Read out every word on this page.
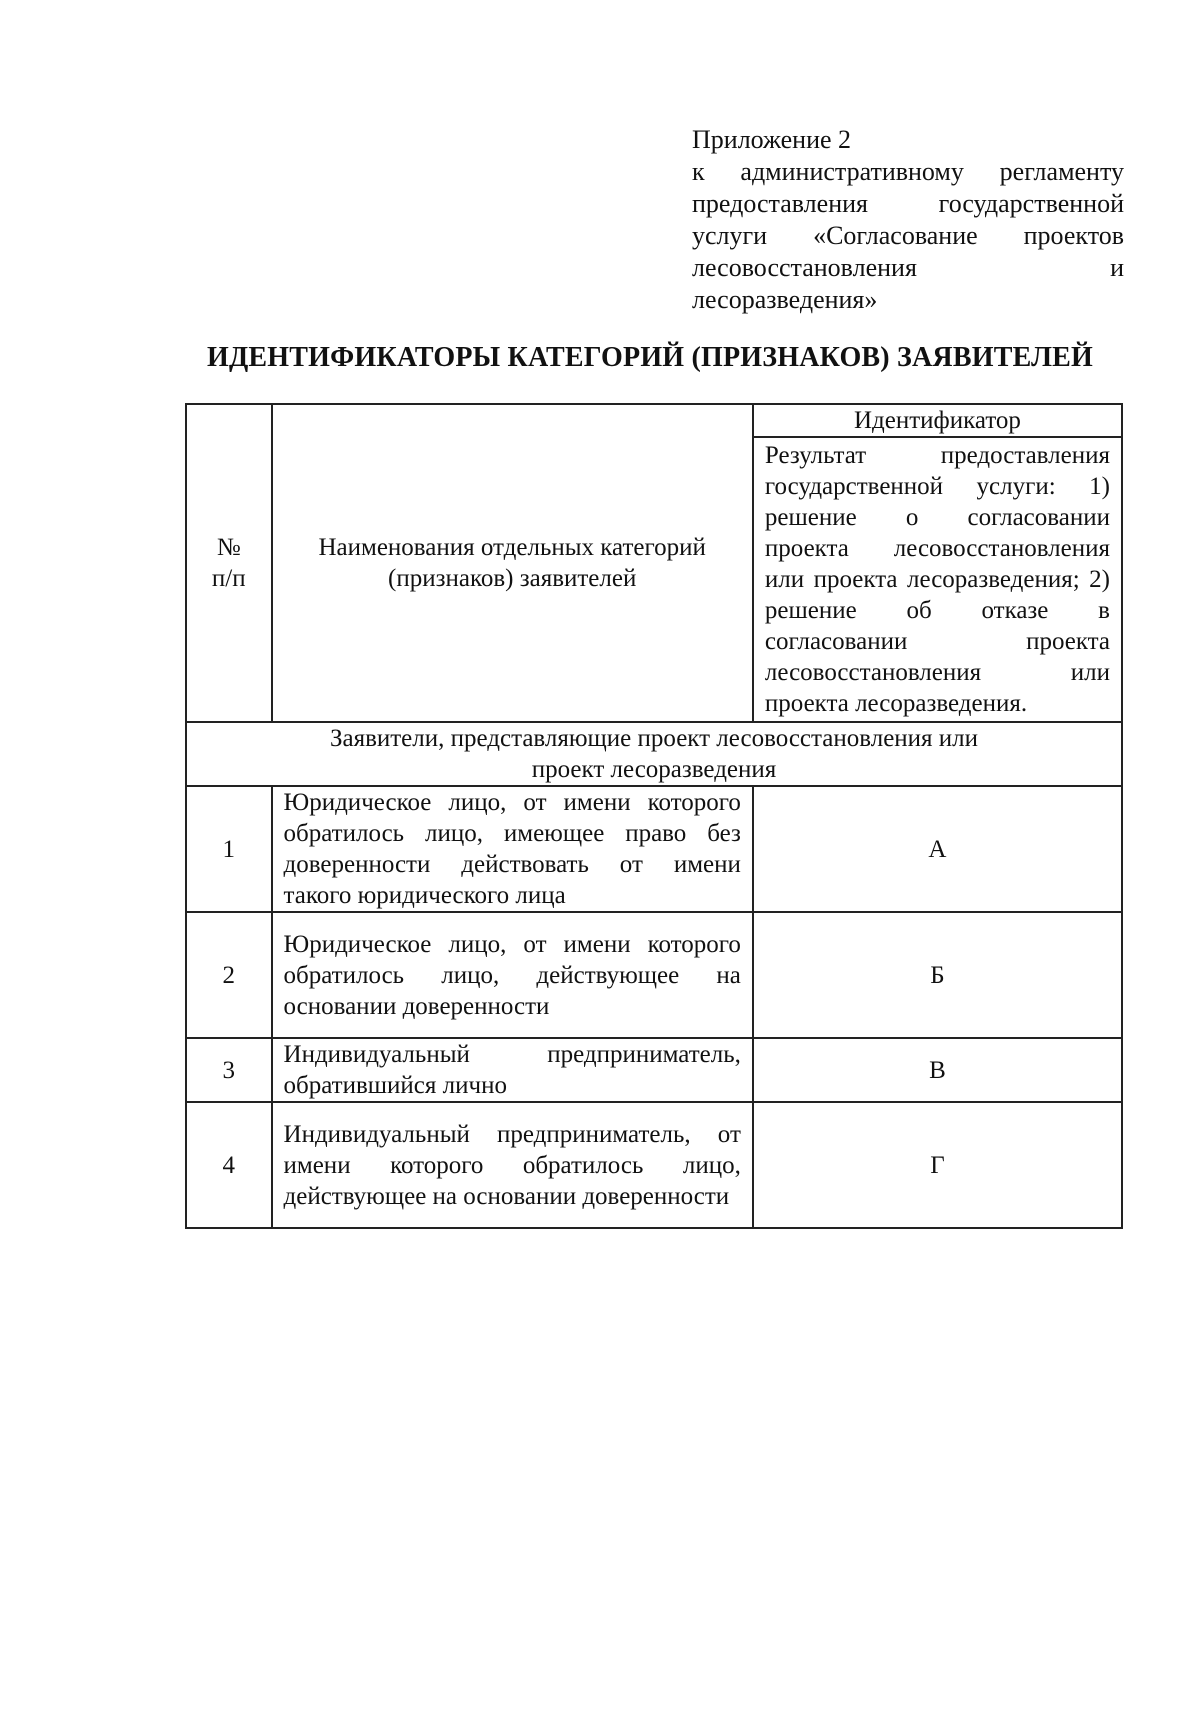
Приложение 2
к административному регламенту предоставления государственной услуги «Согласование проектов лесовосстановления и лесоразведения»
ИДЕНТИФИКАТОРЫ КАТЕГОРИЙ (ПРИЗНАКОВ) ЗАЯВИТЕЛЕЙ
№ п/п	Наименования отдельных категорий (признаков) заявителей	Идентификатор

		Результат предоставления государственной услуги: 1) решение о согласовании проекта лесовосстановления или проекта лесоразведения; 2) решение об отказе в согласовании проекта лесовосстановления или проекта лесоразведения.

Заявители, представляющие проект лесовосстановления или проект лесоразведения		
1	Юридическое лицо, от имени которого обратилось лицо, имеющее право без доверенности действовать от имени такого юридического лица	А
2	Юридическое лицо, от имени которого обратилось лицо, действующее на основании доверенности	Б
3	Индивидуальный предприниматель, обратившийся лично	В
4	Индивидуальный предприниматель, от имени которого обратилось лицо, действующее на основании доверенности	Г
